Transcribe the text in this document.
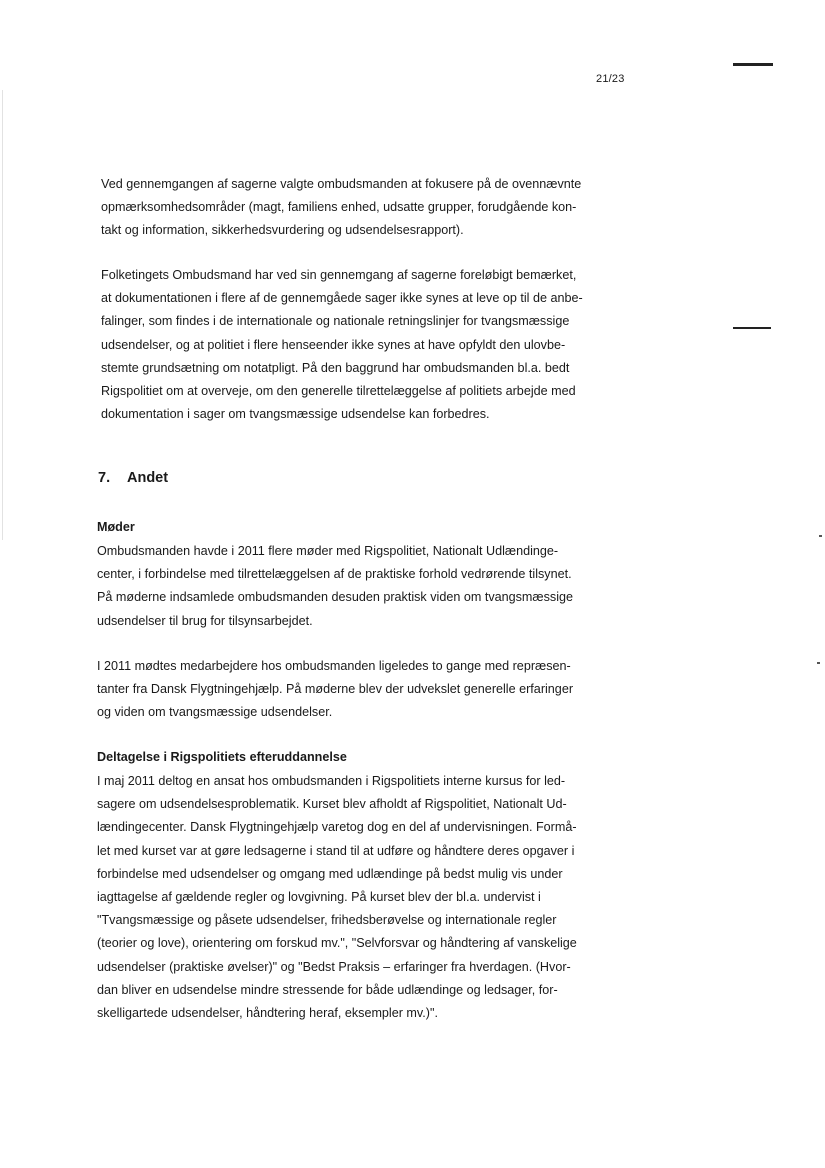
21/23
Ved gennemgangen af sagerne valgte ombudsmanden at fokusere på de ovennævnte
opmærksomhedsområder (magt, familiens enhed, udsatte grupper, forudgående kon-
takt og information, sikkerhedsvurdering og udsendelsesrapport).
Folketingets Ombudsmand har ved sin gennemgang af sagerne foreløbigt bemærket,
at dokumentationen i flere af de gennemgåede sager ikke synes at leve op til de anbe-
falinger, som findes i de internationale og nationale retningslinjer for tvangsmæssige
udsendelser, og at politiet i flere henseender ikke synes at have opfyldt den ulovbe-
stemte grundsætning om notatpligt. På den baggrund har ombudsmanden bl.a. bedt
Rigspolitiet om at overveje, om den generelle tilrettelæggelse af politiets arbejde med
dokumentation i sager om tvangsmæssige udsendelse kan forbedres.
7. Andet
Møder
Ombudsmanden havde i 2011 flere møder med Rigspolitiet, Nationalt Udlændinge-
center, i forbindelse med tilrettelæggelsen af de praktiske forhold vedrørende tilsynet.
På møderne indsamlede ombudsmanden desuden praktisk viden om tvangsmæssige
udsendelser til brug for tilsynsarbejdet.
I 2011 mødtes medarbejdere hos ombudsmanden ligeledes to gange med repræsen-
tanter fra Dansk Flygtningehjælp. På møderne blev der udvekslet generelle erfaringer
og viden om tvangsmæssige udsendelser.
Deltagelse i Rigspolitiets efteruddannelse
I maj 2011 deltog en ansat hos ombudsmanden i Rigspolitiets interne kursus for led-
sagere om udsendelsesproblematik. Kurset blev afholdt af Rigspolitiet, Nationalt Ud-
lændingecenter. Dansk Flygtningehjælp varetog dog en del af undervisningen. Formå-
let med kurset var at gøre ledsagerne i stand til at udføre og håndtere deres opgaver i
forbindelse med udsendelser og omgang med udlændinge på bedst mulig vis under
iagttagelse af gældende regler og lovgivning. På kurset blev der bl.a. undervist i
"Tvangsmæssige og påsete udsendelser, frihedsberøvelse og internationale regler
(teorier og love), orientering om forskud mv.", "Selvforsvar og håndtering af vanskelige
udsendelser (praktiske øvelser)" og "Bedst Praksis – erfaringer fra hverdagen. (Hvor-
dan bliver en udsendelse mindre stressende for både udlændinge og ledsager, for-
skelligartede udsendelser, håndtering heraf, eksempler mv.)".
